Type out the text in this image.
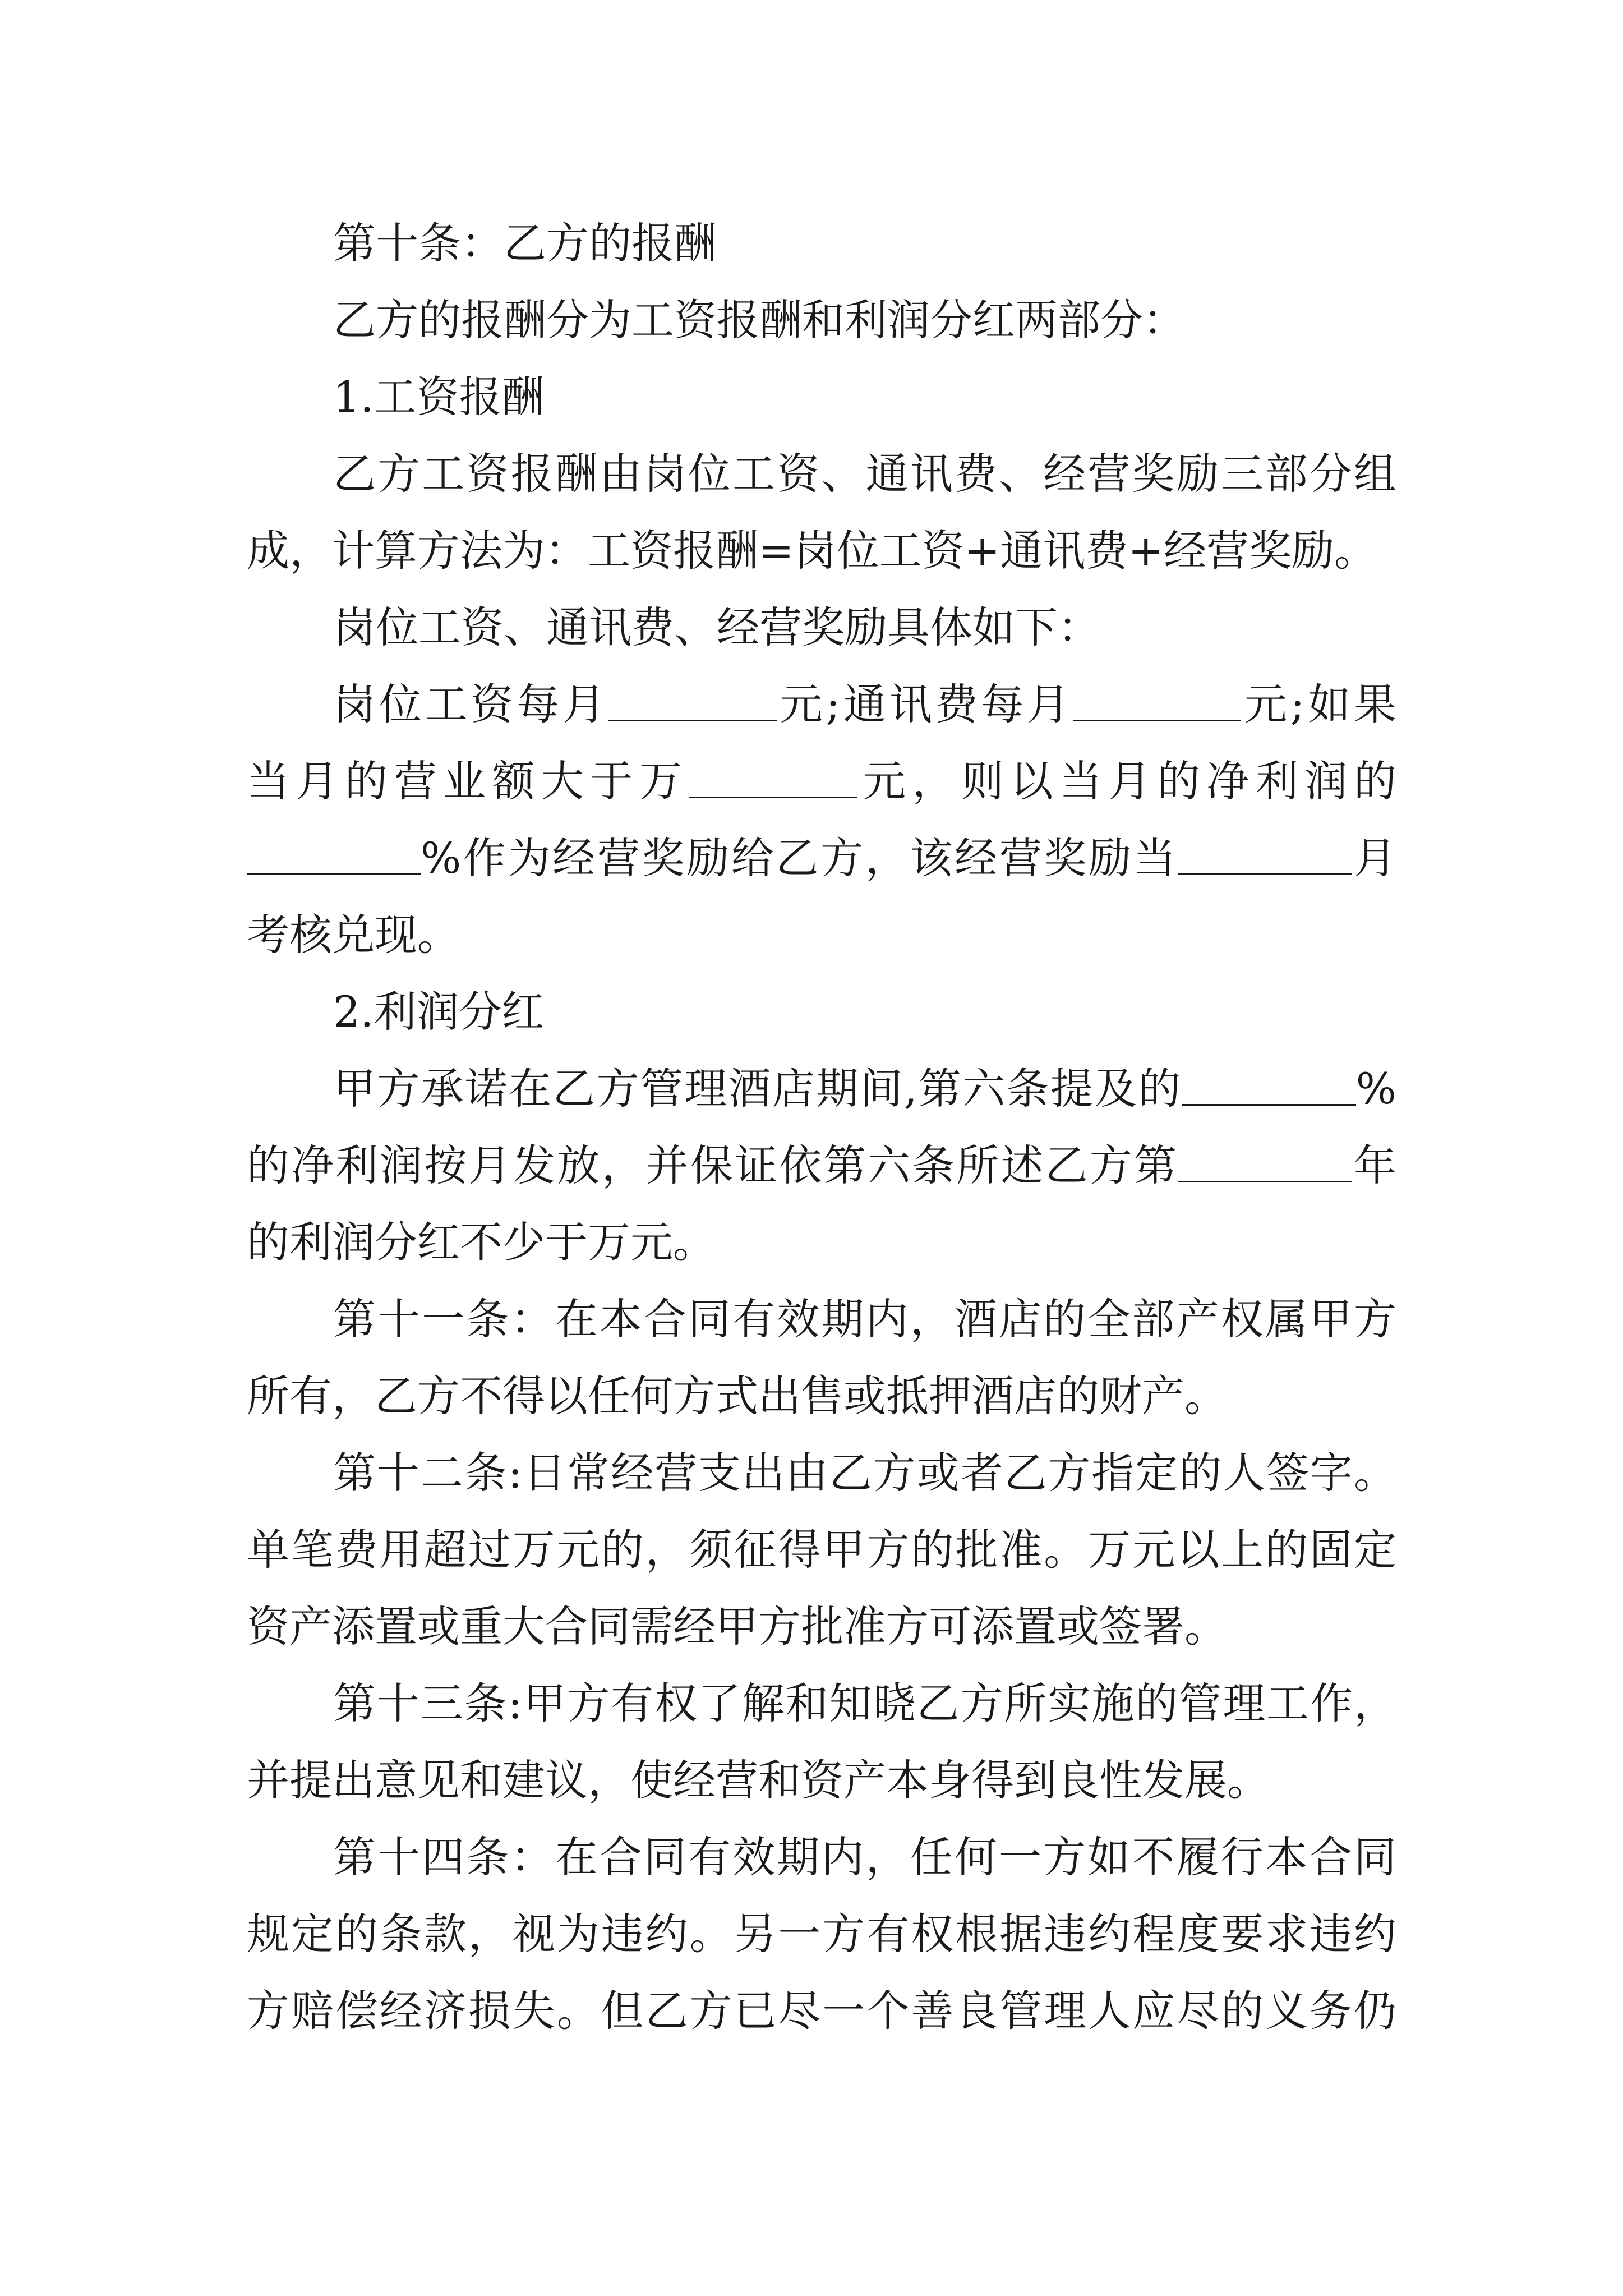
第十条：乙方的报酬
乙方的报酬分为工资报酬和利润分红两部分：
1.工资报酬
乙方工资报酬由岗位工资、通讯费、经营奖励三部分组
成，计算方法为：工资报酬=岗位工资+通讯费+经营奖励。
岗位工资、通讯费、经营奖励具体如下：
岗位工资每月	元;通讯费每月	元;如果
当月的营业额大于万	元，则以当月的净利润的
%作为经营奖励给乙方，该经营奖励当	月
考核兑现。
2.利润分红
甲方承诺在乙方管理酒店期间,第六条提及的	%
的净利润按月发放，并保证依第六条所述乙方第	年
的利润分红不少于万元。
第十一条：在本合同有效期内，酒店的全部产权属甲方
所有，乙方不得以任何方式出售或抵押酒店的财产。
第十二条:日常经营支出由乙方或者乙方指定的人签字。
单笔费用超过万元的，须征得甲方的批准。万元以上的固定
资产添置或重大合同需经甲方批准方可添置或签署。
第十三条:甲方有权了解和知晓乙方所实施的管理工作，
并提出意见和建议，使经营和资产本身得到良性发展。
第十四条：在合同有效期内，任何一方如不履行本合同
规定的条款，视为违约。另一方有权根据违约程度要求违约
方赔偿经济损失。但乙方已尽一个善良管理人应尽的义务仍
